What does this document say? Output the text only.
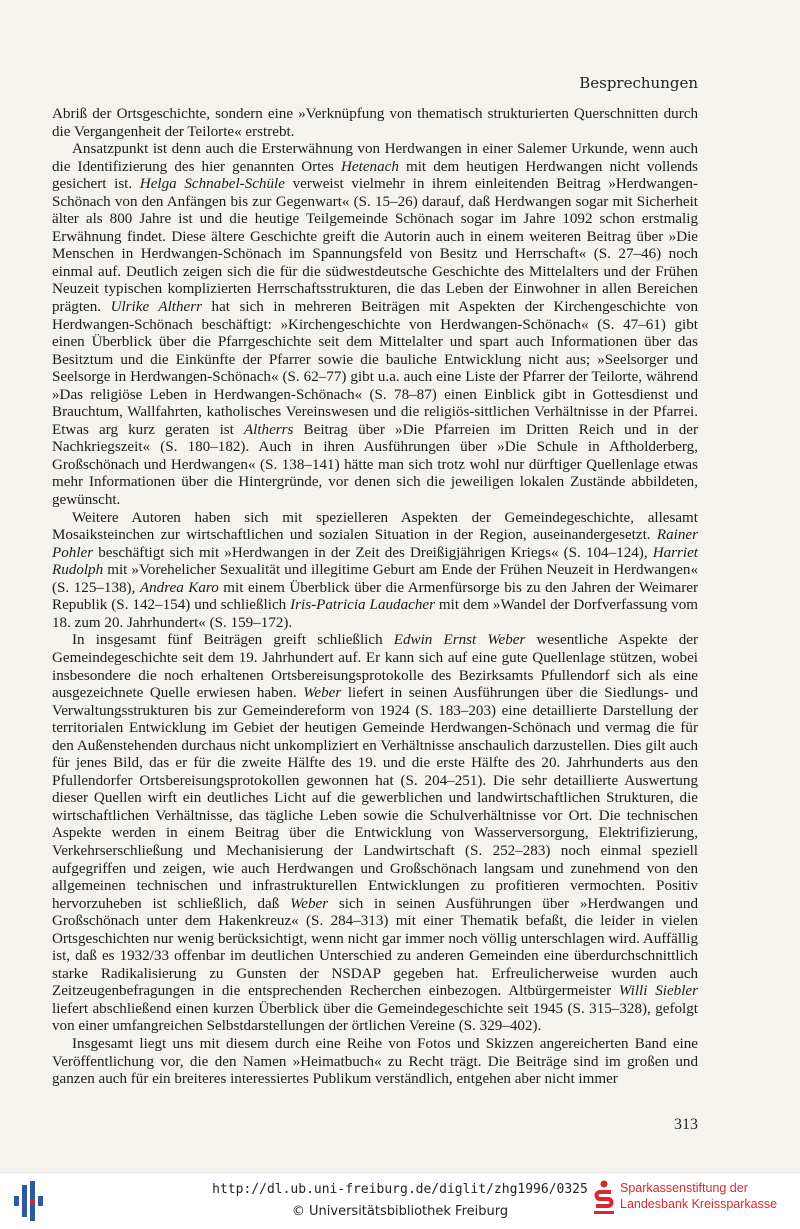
Besprechungen

Abriß der Ortsgeschichte, sondern eine »Verknüpfung von thematisch strukturierten Querschnitten durch die Vergangenheit der Teilorte« erstrebt.

Ansatzpunkt ist denn auch die Ersterwähnung von Herdwangen in einer Salemer Urkunde, wenn auch die Identifizierung des hier genannten Ortes Hetenach mit dem heutigen Herdwangen nicht vollends gesichert ist. Helga Schnabel-Schüle verweist vielmehr in ihrem einleitenden Beitrag »Herdwangen-Schönach von den Anfängen bis zur Gegenwart« (S. 15–26) darauf, daß Herdwangen sogar mit Sicherheit älter als 800 Jahre ist und die heutige Teilgemeinde Schönach sogar im Jahre 1092 schon erstmalig Erwähnung findet. Diese ältere Geschichte greift die Autorin auch in einem weiteren Beitrag über »Die Menschen in Herdwangen-Schönach im Spannungsfeld von Besitz und Herrschaft« (S. 27–46) noch einmal auf. Deutlich zeigen sich die für die südwestdeutsche Geschichte des Mittelalters und der Frühen Neuzeit typischen komplizierten Herrschaftsstrukturen, die das Leben der Einwohner in allen Bereichen prägten. Ulrike Altherr hat sich in mehreren Beiträgen mit Aspekten der Kirchengeschichte von Herdwangen-Schönach beschäftigt: »Kirchengeschichte von Herdwangen-Schönach« (S. 47–61) gibt einen Überblick über die Pfarrgeschichte seit dem Mittelalter und spart auch Informationen über das Besitztum und die Einkünfte der Pfarrer sowie die bauliche Entwicklung nicht aus; »Seelsorger und Seelsorge in Herdwangen-Schönach« (S. 62–77) gibt u.a. auch eine Liste der Pfarrer der Teilorte, während »Das religiöse Leben in Herdwangen-Schönach« (S. 78–87) einen Einblick gibt in Gottesdienst und Brauchtum, Wallfahrten, katholisches Vereinswesen und die religiös-sittlichen Verhältnisse in der Pfarrei. Etwas arg kurz geraten ist Altherrs Beitrag über »Die Pfarreien im Dritten Reich und in der Nachkriegszeit« (S. 180–182). Auch in ihren Ausführungen über »Die Schule in Aftholderberg, Großschönach und Herdwangen« (S. 138–141) hätte man sich trotz wohl nur dürftiger Quellenlage etwas mehr Informationen über die Hintergründe, vor denen sich die jeweiligen lokalen Zustände abbildeten, gewünscht.

Weitere Autoren haben sich mit spezielleren Aspekten der Gemeindegeschichte, allesamt Mosaiksteinchen zur wirtschaftlichen und sozialen Situation in der Region, auseinandergesetzt. Rainer Pohler beschäftigt sich mit »Herdwangen in der Zeit des Dreißigjährigen Kriegs« (S. 104–124), Harriet Rudolph mit »Vorehelicher Sexualität und illegitime Geburt am Ende der Frühen Neuzeit in Herdwangen« (S. 125–138), Andrea Karo mit einem Überblick über die Armenfürsorge bis zu den Jahren der Weimarer Republik (S. 142–154) und schließlich Iris-Patricia Laudacher mit dem »Wandel der Dorfverfassung vom 18. zum 20. Jahrhundert« (S. 159–172).

In insgesamt fünf Beiträgen greift schließlich Edwin Ernst Weber wesentliche Aspekte der Gemeindegeschichte seit dem 19. Jahrhundert auf. Er kann sich auf eine gute Quellenlage stützen, wobei insbesondere die noch erhaltenen Ortsbereisungsprotokolle des Bezirksamts Pfullendorf sich als eine ausgezeichnete Quelle erwiesen haben. Weber liefert in seinen Ausführungen über die Siedlungs- und Verwaltungsstrukturen bis zur Gemeindereform von 1924 (S. 183–203) eine detaillierte Darstellung der territorialen Entwicklung im Gebiet der heutigen Gemeinde Herdwangen-Schönach und vermag die für den Außenstehenden durchaus nicht unkompliziert en Verhältnisse anschaulich darzustellen. Dies gilt auch für jenes Bild, das er für die zweite Hälfte des 19. und die erste Hälfte des 20. Jahrhunderts aus den Pfullendorfer Ortsbereisungsprotokollen gewonnen hat (S. 204–251). Die sehr detaillierte Auswertung dieser Quellen wirft ein deutliches Licht auf die gewerblichen und landwirtschaftlichen Strukturen, die wirtschaftlichen Verhältnisse, das tägliche Leben sowie die Schulverhältnisse vor Ort. Die technischen Aspekte werden in einem Beitrag über die Entwicklung von Wasserversorgung, Elektrifizierung, Verkehrserschließung und Mechanisierung der Landwirtschaft (S. 252–283) noch einmal speziell aufgegriffen und zeigen, wie auch Herdwangen und Großschönach langsam und zunehmend von den allgemeinen technischen und infrastrukturellen Entwicklungen zu profitieren vermochten. Positiv hervorzuheben ist schließlich, daß Weber sich in seinen Ausführungen über »Herdwangen und Großschönach unter dem Hakenkreuz« (S. 284–313) mit einer Thematik befaßt, die leider in vielen Ortsgeschichten nur wenig berücksichtigt, wenn nicht gar immer noch völlig unterschlagen wird. Auffällig ist, daß es 1932/33 offenbar im deutlichen Unterschied zu anderen Gemeinden eine überdurchschnittlich starke Radikalisierung zu Gunsten der NSDAP gegeben hat. Erfreulicherweise wurden auch Zeitzeugenbefragungen in die entsprechenden Recherchen einbezogen. Altbürgermeister Willi Siebler liefert abschließend einen kurzen Überblick über die Gemeindegeschichte seit 1945 (S. 315–328), gefolgt von einer umfangreichen Selbstdarstellungen der örtlichen Vereine (S. 329–402).

Insgesamt liegt uns mit diesem durch eine Reihe von Fotos und Skizzen angereicherten Band eine Veröffentlichung vor, die den Namen »Heimatbuch« zu Recht trägt. Die Beiträge sind im großen und ganzen auch für ein breiteres interessiertes Publikum verständlich, entgehen aber nicht immer

313
http://dl.ub.uni-freiburg.de/diglit/zhg1996/0325
© Universitätsbibliothek Freiburg
Sparkassenstiftung der
Landesbank Kreissparkasse
